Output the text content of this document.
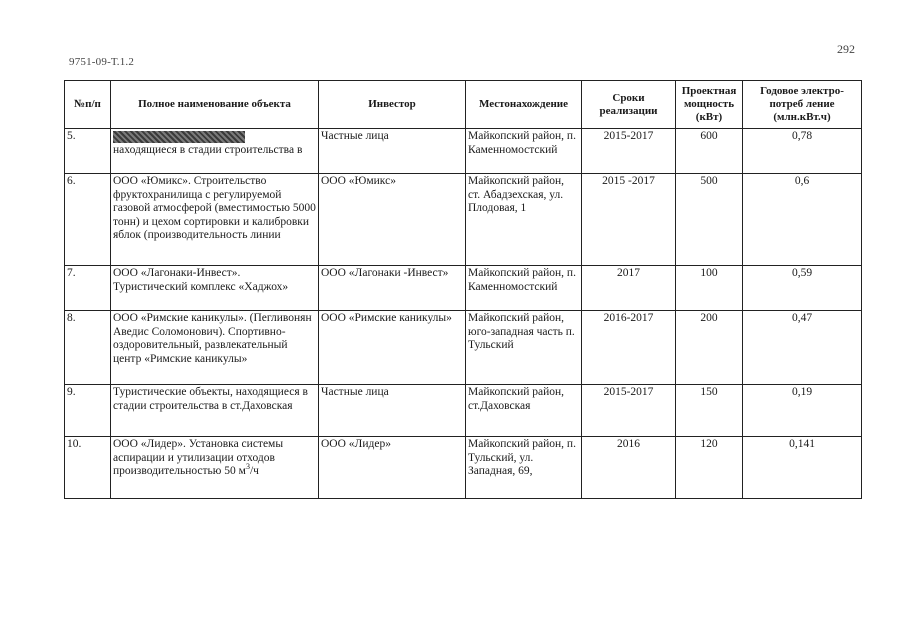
9751-09-Т.1.2
292
№п/п	Полное наименование объекта	Инвестор	Местонахождение	Сроки реализации	Проектная мощность (кВт)	Годовое электро-потреб ление (млн.кВт.ч)
5.	находящиеся в стадии строительства в	Частные лица	Майкопский район, п. Каменномостский	2015-2017	600	0,78
6.	ООО «Юмикс». Строительство фруктохранилища с регулируемой газовой атмосферой (вместимостью 5000 тонн) и цехом сортировки и калибровки яблок (производительность линии	ООО «Юмикс»	Майкопский район, ст. Абадзехская, ул. Плодовая, 1	2015 -2017	500	0,6
7.	ООО «Лагонаки-Инвест». Туристический комплекс «Хаджох»	ООО «Лагонаки -Инвест»	Майкопский район, п. Каменномостский	2017	100	0,59
8.	ООО «Римские каникулы». (Пегливонян Аведис Соломонович). Спортивно-оздоровительный, развлекательный центр «Римские каникулы»	ООО «Римские каникулы»	Майкопский район, юго-западная часть п. Тульский	2016-2017	200	0,47
9.	Туристические объекты, находящиеся в стадии строительства в ст.Даховская	Частные лица	Майкопский район, ст.Даховская	2015-2017	150	0,19
10.	ООО «Лидер». Установка системы аспирации и утилизации отходов производительностью 50 $м^3/ч$	ООО «Лидер»	Майкопский район, п. Тульский, ул. Западная, 69,	2016	120	0,141
